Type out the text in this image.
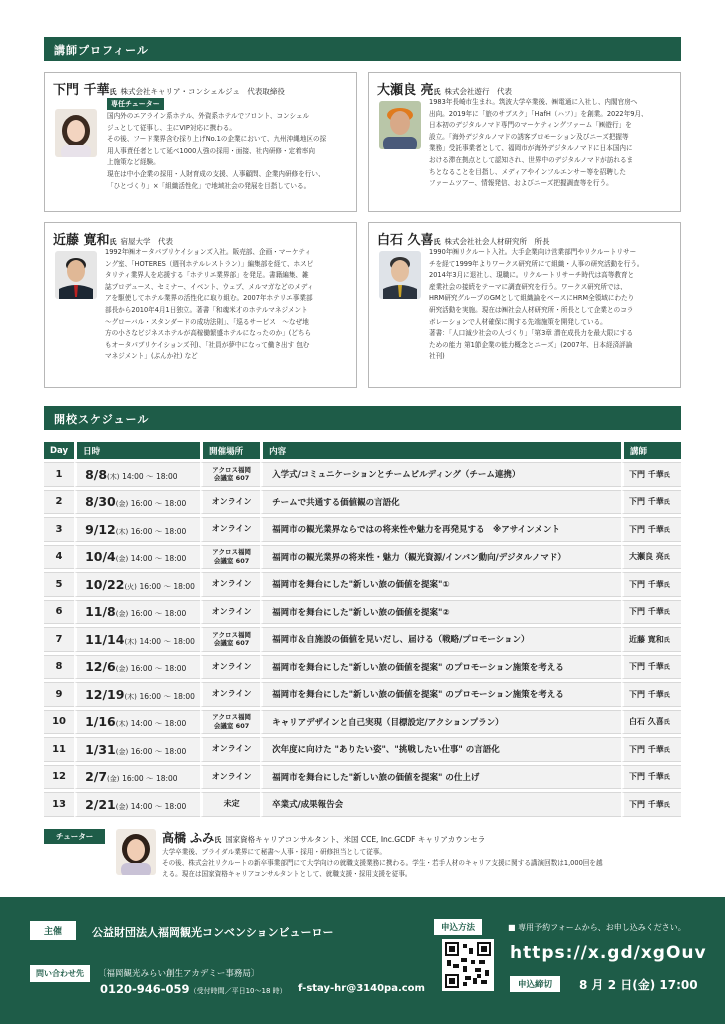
講師プロフィール
下門 千華氏 株式会社キャリア・コンシェルジュ　代表取締役
専任チューター
国内外のエアライン系ホテル、外資系ホテルでフロント、コンシェル
ジュとして従事し、主にVIP対応に携わる。
その後、フード業界含む採り上げNo.1の企業において、九州沖縄地区の採
用人事責任者として延べ1000人強の採用・面接、社内研修・定着率向
上施策など経験。
現在は中小企業の採用・人財育成の支援、人事顧問、企業内研修を行い、
「ひとづくり」×「組織活性化」で地域社会の発展を目指している。
大瀬良 亮氏 株式会社遊行　代表
1983年長崎市生まれ。筑波大学卒業後、㈱電通に入社し、内閣官房へ
出向。2019年に「旅のサブスク」「HafH（ハフ）」を創業。2022年9月、
日本初のデジタルノマド専門のマーケティングファーム「㈱遊行」を
設立。「海外デジタルノマドの誘客プロモーション及びニーズ把握等
業務」受託事業者として、福岡市が海外デジタルノマドに日本国内に
おける滞在拠点として認知され、世界中のデジタルノマドが訪れるま
ちとなることを目指し、メディアやインフルエンサー等を招聘した
ファームツアー、情報発信、およびニーズ把握調査等を行う。
近藤 寛和氏 宿屋大学　代表
1992年㈱オータパブリケイションズ入社。販売部、企画・マーケティ
ング室、「HOTERES（週刊ホテルレストラン）」編集部を経て、ホスピ
タリティ業界人を応援する「ホテリエ業界部」を発足。書籍編集、雑
誌プロデュース、セミナー、イベント、ウェブ、メルマガなどのメディ
アを駆使してホテル業界の活性化に取り組む。2007年ホテリエ事業部
部長から2010年4月1日独立。著書「和魂米才のホテルマネジメント
〜グローバル・スタンダードの成功法則」、「巡るサービス　〜なぜ地
方の小さなビジネスホテルが高稼働繁盛ホテルになったのか」(どちら
もオータパブリケイションズ刊)、「社員が夢中になって働き出す 包む
マネジメント」(ぶんか社) など
白石 久喜氏 株式会社社会人材研究所　所長
1990年㈱リクルート入社。大手企業向け営業部門やリクルートリサー
チを経て1999年よりワークス研究所にて組織・人事の研究活動を行う。
2014年3月に退社し、現職に。リクルートリサーチ時代は高等教育と
産業社会の接続をテーマに調査研究を行う。ワークス研究所では、
HRM研究グループのGMとして組織論をベースにHRM全領域にわたり
研究活動を実施。現在は㈱社会人材研究所・所長として企業とのコラ
ボレーションで人材確保に関する先端施策を開発している。
著書：「人口減少社会の人づくり」「第3章 潜在成長力を最大限にする
ための能力 第1節企業の能力概念とニーズ」(2007年、日本経済評論
社刊)
開校スケジュール
Day	日時	開催場所	内容	講師
1	8/8(木) 14:00 ～ 18:00	アクロス福岡
会議室 607	入学式/コミュニケーションとチームビルディング（チーム連携）	下門 千華氏
2	8/30(金) 16:00 ～ 18:00	オンライン	チームで共通する価値観の言語化	下門 千華氏
3	9/12(木) 16:00 ～ 18:00	オンライン	福岡市の観光業界ならではの将来性や魅力を再発見する　※アサインメント	下門 千華氏
4	10/4(金) 14:00 ～ 18:00	アクロス福岡
会議室 607	福岡市の観光業界の将来性・魅力（観光資源/インバン動向/デジタルノマド）	大瀬良 亮氏
5	10/22(火) 16:00 ～ 18:00	オンライン	福岡市を舞台にした"新しい旅の価値を提案"①	下門 千華氏
6	11/8(金) 16:00 ～ 18:00	オンライン	福岡市を舞台にした"新しい旅の価値を提案"②	下門 千華氏
7	11/14(木) 14:00 ～ 18:00	アクロス福岡
会議室 607	福岡市＆自施設の価値を見いだし、届ける（戦略/プロモーション）	近藤 寛和氏
8	12/6(金) 16:00 ～ 18:00	オンライン	福岡市を舞台にした"新しい旅の価値を提案" のプロモーション施策を考える	下門 千華氏
9	12/19(木) 16:00 ～ 18:00	オンライン	福岡市を舞台にした"新しい旅の価値を提案" のプロモーション施策を考える	下門 千華氏
10	1/16(木) 14:00 ～ 18:00	アクロス福岡
会議室 607	キャリアデザインと自己実現（目標設定/アクションプラン）	白石 久喜氏
11	1/31(金) 16:00 ～ 18:00	オンライン	次年度に向けた "ありたい姿"、"挑戦したい仕事" の言語化	下門 千華氏
12	2/7(金) 16:00 ～ 18:00	オンライン	福岡市を舞台にした"新しい旅の価値を提案" の仕上げ	下門 千華氏
13	2/21(金) 14:00 ～ 18:00	未定	卒業式/成果報告会	下門 千華氏
チューター	高橋 ふみ氏 国家資格キャリアコンサルタント、米国 CCE, Inc.GCDF キャリアカウンセラ
大学卒業後、ブライダル業界にて秘書〜人事・採用・研修担当として従事。
その後、株式会社リクルートの新卒事業部門にて大学向けの就職支援業務に携わる。学生・若手人材のキャリア支援に関する講演回数は1,000回を越
える。現在は国家資格キャリアコンサルタントとして、就職支援・採用支援を従事。
主催	公益財団法人福岡観光コンベンションビューロー
問い合わせ先	〔福岡観光みらい創生アカデミー事務局〕
0120-946-059（受付時間／平日10〜18 時） f-stay-hr@3140pa.com
申込方法	■ 専用予約フォームから、お申し込みください。
https://x.gd/xgOuv
申込締切	8 月 2 日(金) 17:00
